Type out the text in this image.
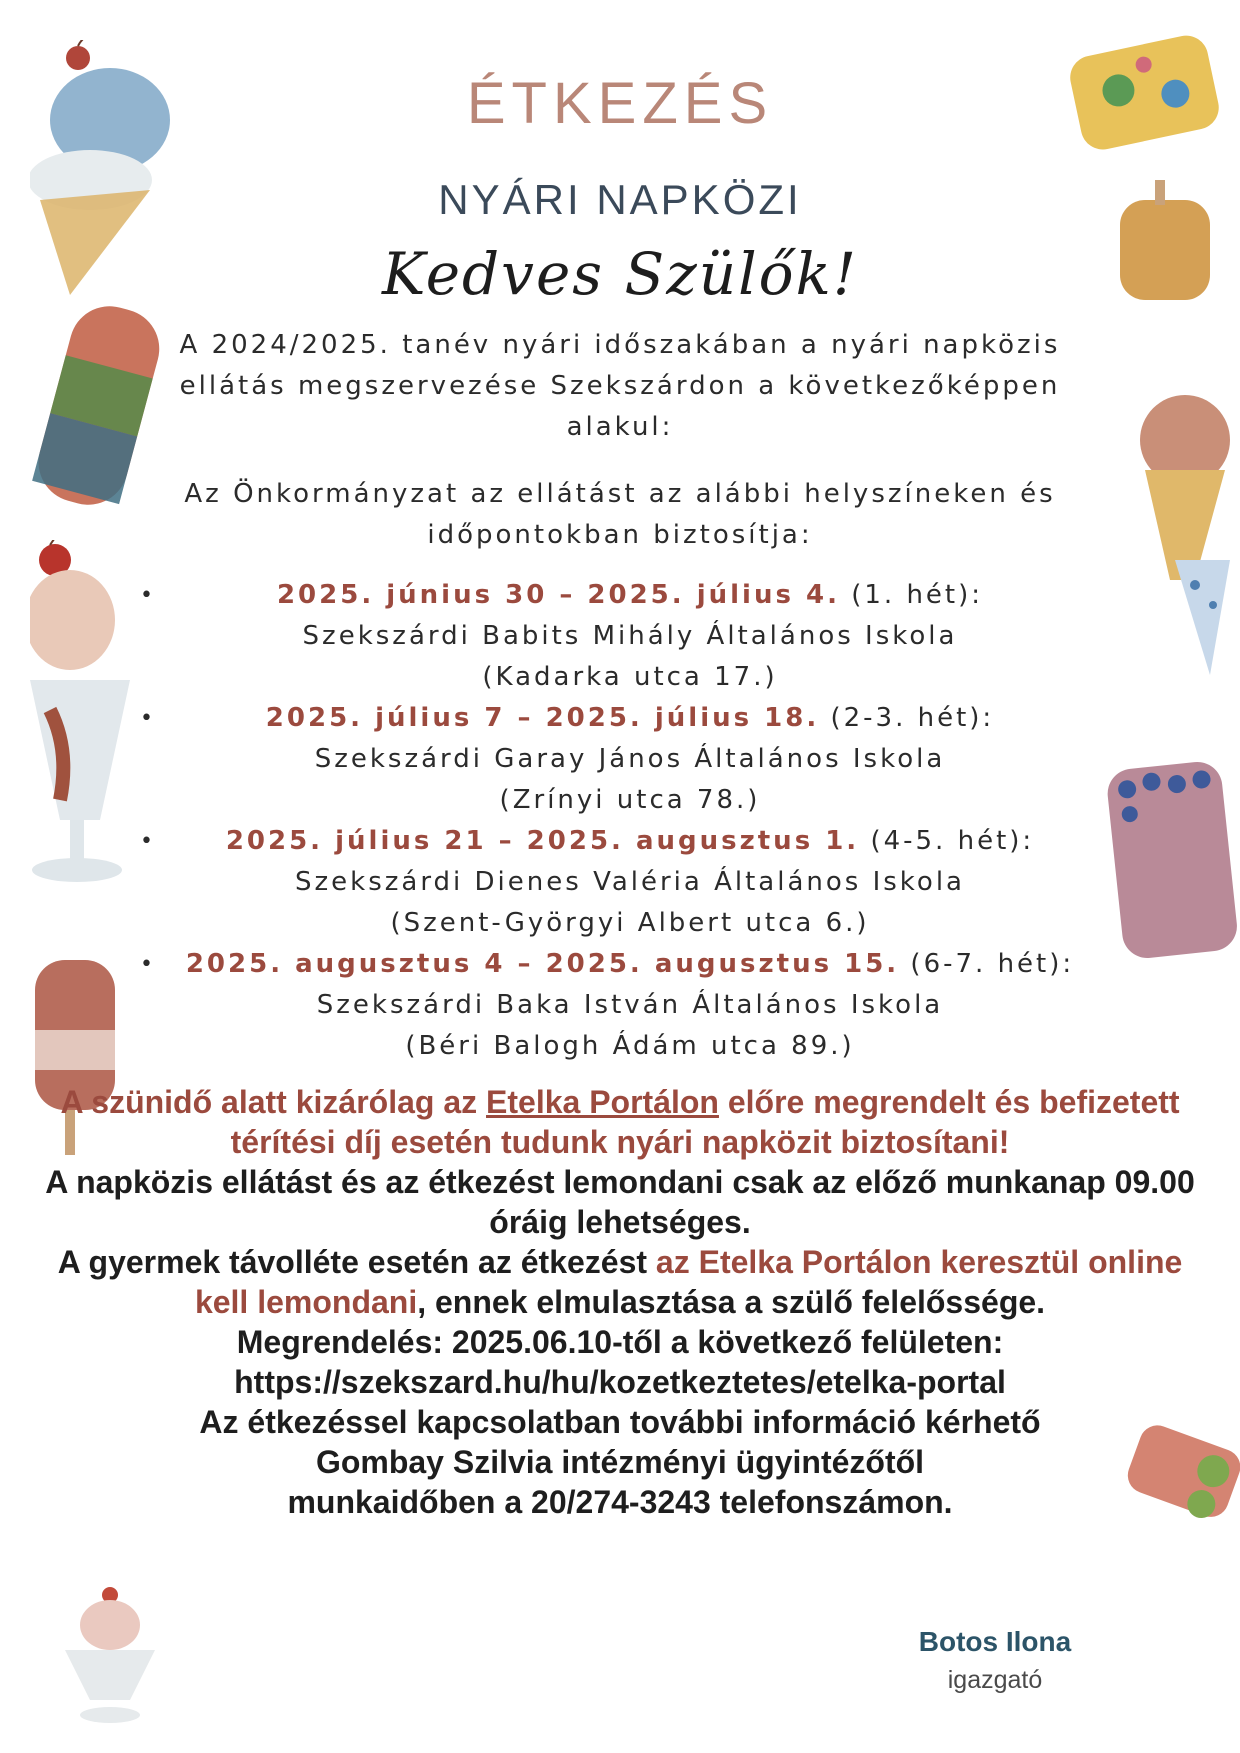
ÉTKEZÉS
NYÁRI NAPKÖZI
Kedves Szülők!
A 2024/2025. tanév nyári időszakában a nyári napközis
ellátás megszervezése Szekszárdon a következőképpen
alakul:
Az Önkormányzat az ellátást az alábbi helyszíneken és
időpontokban biztosítja:
•	2025. június 30 – 2025. július 4. (1. hét):
Szekszárdi Babits Mihály Általános Iskola
(Kadarka utca 17.)
•	2025. július 7 – 2025. július 18. (2-3. hét):
Szekszárdi Garay János Általános Iskola
(Zrínyi utca 78.)
•	2025. július 21 – 2025. augusztus 1. (4-5. hét):
Szekszárdi Dienes Valéria Általános Iskola
(Szent-Györgyi Albert utca 6.)
•	2025. augusztus 4 – 2025. augusztus 15. (6-7. hét):
Szekszárdi Baka István Általános Iskola
(Béri Balogh Ádám utca 89.)
A szünidő alatt kizárólag az Etelka Portálon előre megrendelt és befizetett térítési díj esetén tudunk nyári napközit biztosítani!
A napközis ellátást és az étkezést lemondani csak az előző munkanap 09.00 óráig lehetséges.
A gyermek távolléte esetén az étkezést az Etelka Portálon keresztül online kell lemondani, ennek elmulasztása a szülő felelőssége.
Megrendelés: 2025.06.10-től a következő felületen:
https://szekszard.hu/hu/kozetkeztetes/etelka-portal
Az étkezéssel kapcsolatban további információ kérhető
Gombay Szilvia intézményi ügyintézőtől
munkaidőben a 20/274-3243 telefonszámon.
Botos Ilona
igazgató
